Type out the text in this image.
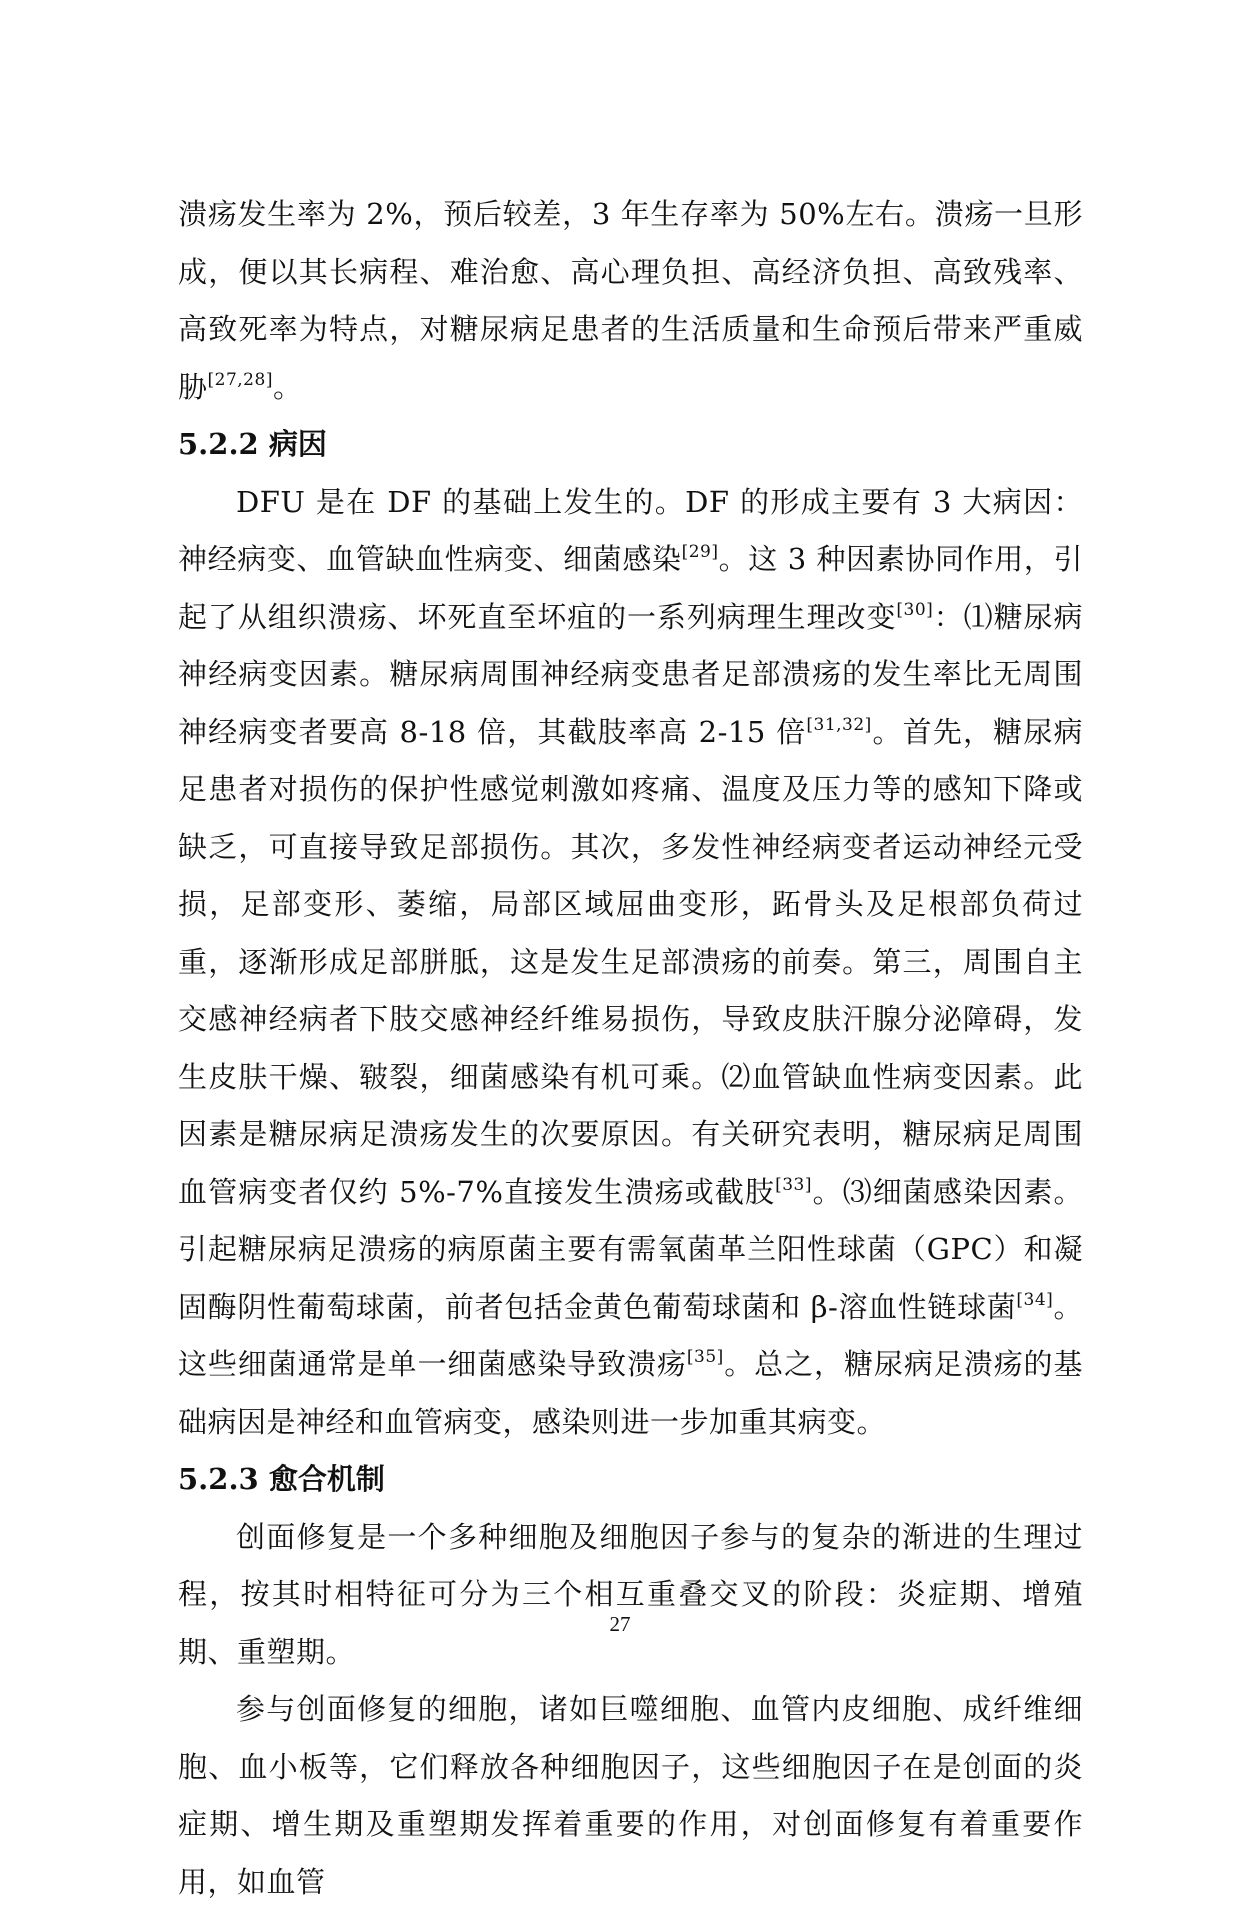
溃疡发生率为 2%，预后较差，3 年生存率为 50%左右。溃疡一旦形成，便以其长病程、难治愈、高心理负担、高经济负担、高致残率、高致死率为特点，对糖尿病足患者的生活质量和生命预后带来严重威胁[27,28]。

5.2.2 病因

DFU 是在 DF 的基础上发生的。DF 的形成主要有 3 大病因：神经病变、血管缺血性病变、细菌感染[29]。这 3 种因素协同作用，引起了从组织溃疡、坏死直至坏疽的一系列病理生理改变[30]：⑴糖尿病神经病变因素。糖尿病周围神经病变患者足部溃疡的发生率比无周围神经病变者要高 8-18 倍，其截肢率高 2-15 倍[31,32]。首先，糖尿病足患者对损伤的保护性感觉刺激如疼痛、温度及压力等的感知下降或缺乏，可直接导致足部损伤。其次，多发性神经病变者运动神经元受损，足部变形、萎缩，局部区域屈曲变形，跖骨头及足根部负荷过重，逐渐形成足部胼胝，这是发生足部溃疡的前奏。第三，周围自主交感神经病者下肢交感神经纤维易损伤，导致皮肤汗腺分泌障碍，发生皮肤干燥、皲裂，细菌感染有机可乘。⑵血管缺血性病变因素。此因素是糖尿病足溃疡发生的次要原因。有关研究表明，糖尿病足周围血管病变者仅约 5%-7%直接发生溃疡或截肢[33]。⑶细菌感染因素。引起糖尿病足溃疡的病原菌主要有需氧菌革兰阳性球菌（GPC）和凝固酶阴性葡萄球菌，前者包括金黄色葡萄球菌和 β-溶血性链球菌[34]。这些细菌通常是单一细菌感染导致溃疡[35]。总之，糖尿病足溃疡的基础病因是神经和血管病变，感染则进一步加重其病变。

5.2.3 愈合机制

创面修复是一个多种细胞及细胞因子参与的复杂的渐进的生理过程，按其时相特征可分为三个相互重叠交叉的阶段：炎症期、增殖期、重塑期。

参与创面修复的细胞，诸如巨噬细胞、血管内皮细胞、成纤维细胞、血小板等，它们释放各种细胞因子，这些细胞因子在是创面的炎症期、增生期及重塑期发挥着重要的作用，对创面修复有着重要作用，如血管

27
